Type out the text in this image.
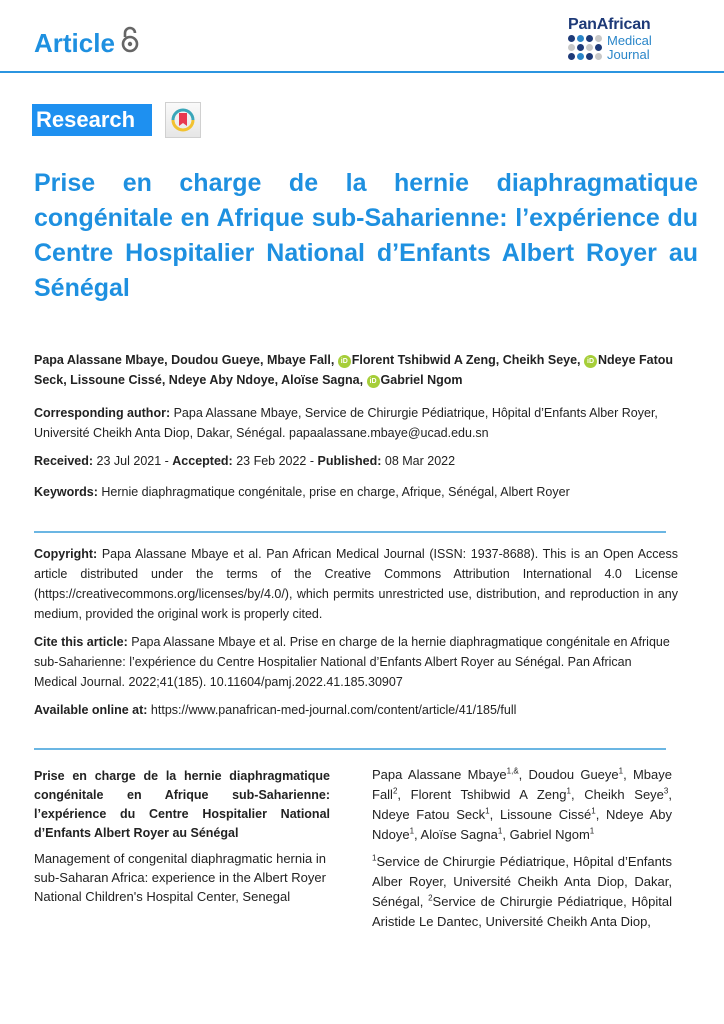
Article
PanAfrican
Medical
Journal
Research
Prise en charge de la hernie diaphragmatique congénitale en Afrique sub-Saharienne: l’expérience du Centre Hospitalier National d’Enfants Albert Royer au Sénégal
Papa Alassane Mbaye, Doudou Gueye, Mbaye Fall, iD Florent Tshibwid A Zeng, Cheikh Seye, iD Ndeye Fatou Seck, Lissoune Cissé, Ndeye Aby Ndoye, Aloïse Sagna, iD Gabriel Ngom
Corresponding author: Papa Alassane Mbaye, Service de Chirurgie Pédiatrique, Hôpital d’Enfants Alber Royer, Université Cheikh Anta Diop, Dakar, Sénégal. papaalassane.mbaye@ucad.edu.sn
Received: 23 Jul 2021 - Accepted: 23 Feb 2022 - Published: 08 Mar 2022
Keywords: Hernie diaphragmatique congénitale, prise en charge, Afrique, Sénégal, Albert Royer
Copyright: Papa Alassane Mbaye et al. Pan African Medical Journal (ISSN: 1937-8688). This is an Open Access article distributed under the terms of the Creative Commons Attribution International 4.0 License (https://creativecommons.org/licenses/by/4.0/), which permits unrestricted use, distribution, and reproduction in any medium, provided the original work is properly cited.
Cite this article: Papa Alassane Mbaye et al. Prise en charge de la hernie diaphragmatique congénitale en Afrique sub-Saharienne: l’expérience du Centre Hospitalier National d’Enfants Albert Royer au Sénégal. Pan African Medical Journal. 2022;41(185). 10.11604/pamj.2022.41.185.30907
Available online at: https://www.panafrican-med-journal.com/content/article/41/185/full
Prise en charge de la hernie diaphragmatique congénitale en Afrique sub-Saharienne: l’expérience du Centre Hospitalier National d’Enfants Albert Royer au Sénégal
Management of congenital diaphragmatic hernia in sub-Saharan Africa: experience in the Albert Royer National Children's Hospital Center, Senegal
Papa Alassane Mbaye$^{1,\&}$, Doudou Gueye$^1$, Mbaye Fall$^2$, Florent Tshibwid A Zeng$^1$, Cheikh Seye$^3$, Ndeye Fatou Seck$^1$, Lissoune Cissé$^1$, Ndeye Aby Ndoye$^1$, Aloïse Sagna$^1$, Gabriel Ngom$^1$
$^1$Service de Chirurgie Pédiatrique, Hôpital d’Enfants Alber Royer, Université Cheikh Anta Diop, Dakar, Sénégal, $^2$Service de Chirurgie Pédiatrique, Hôpital Aristide Le Dantec, Université Cheikh Anta Diop,
